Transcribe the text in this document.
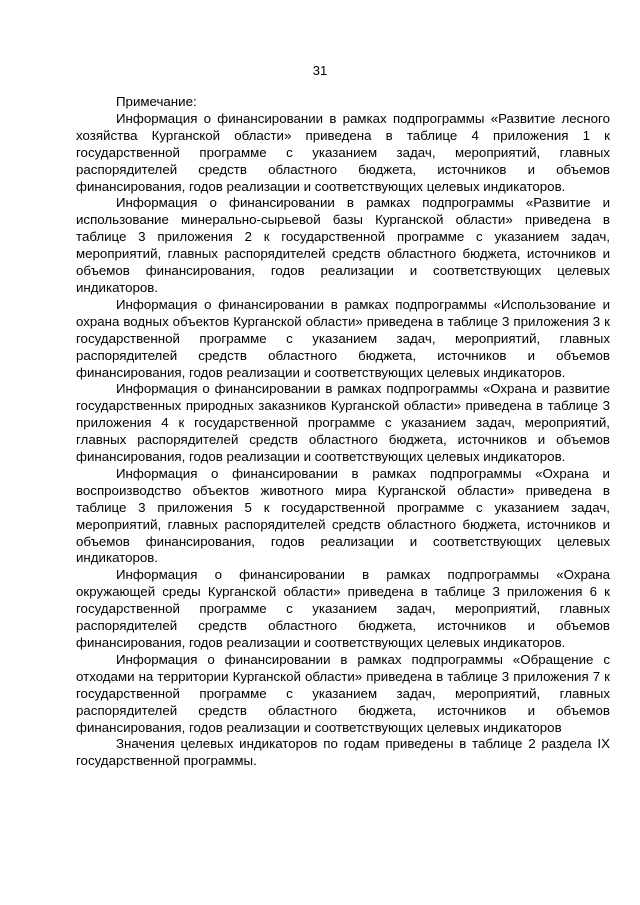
31

Примечание:

Информация о финансировании в рамках подпрограммы «Развитие лесного хозяйства Курганской области» приведена в таблице 4 приложения 1 к государственной программе с указанием задач, мероприятий, главных распорядителей средств областного бюджета, источников и объемов финансирования, годов реализации и соответствующих целевых индикаторов.

Информация о финансировании в рамках подпрограммы «Развитие и использование минерально-сырьевой базы Курганской области» приведена в таблице 3 приложения 2 к государственной программе с указанием задач, мероприятий, главных распорядителей средств областного бюджета, источников и объемов финансирования, годов реализации и соответствующих целевых индикаторов.

Информация о финансировании в рамках подпрограммы «Использование и охрана водных объектов Курганской области» приведена в таблице 3 приложения 3 к государственной программе с указанием задач, мероприятий, главных распорядителей средств областного бюджета, источников и объемов финансирования, годов реализации и соответствующих целевых индикаторов.

Информация о финансировании в рамках подпрограммы «Охрана и развитие государственных природных заказников Курганской области» приведена в таблице 3 приложения 4 к государственной программе с указанием задач, мероприятий, главных распорядителей средств областного бюджета, источников и объемов финансирования, годов реализации и соответствующих целевых индикаторов.

Информация о финансировании в рамках подпрограммы «Охрана и воспроизводство объектов животного мира Курганской области» приведена в таблице 3 приложения 5 к государственной программе с указанием задач, мероприятий, главных распорядителей средств областного бюджета, источников и объемов финансирования, годов реализации и соответствующих целевых индикаторов.

Информация о финансировании в рамках подпрограммы «Охрана окружающей среды Курганской области» приведена в таблице 3 приложения 6 к государственной программе с указанием задач, мероприятий, главных распорядителей средств областного бюджета, источников и объемов финансирования, годов реализации и соответствующих целевых индикаторов.

Информация о финансировании в рамках подпрограммы «Обращение с отходами на территории Курганской области» приведена в таблице 3 приложения 7 к государственной программе с указанием задач, мероприятий, главных распорядителей средств областного бюджета, источников и объемов финансирования, годов реализации и соответствующих целевых индикаторов

Значения целевых индикаторов по годам приведены в таблице 2 раздела IX государственной программы.
